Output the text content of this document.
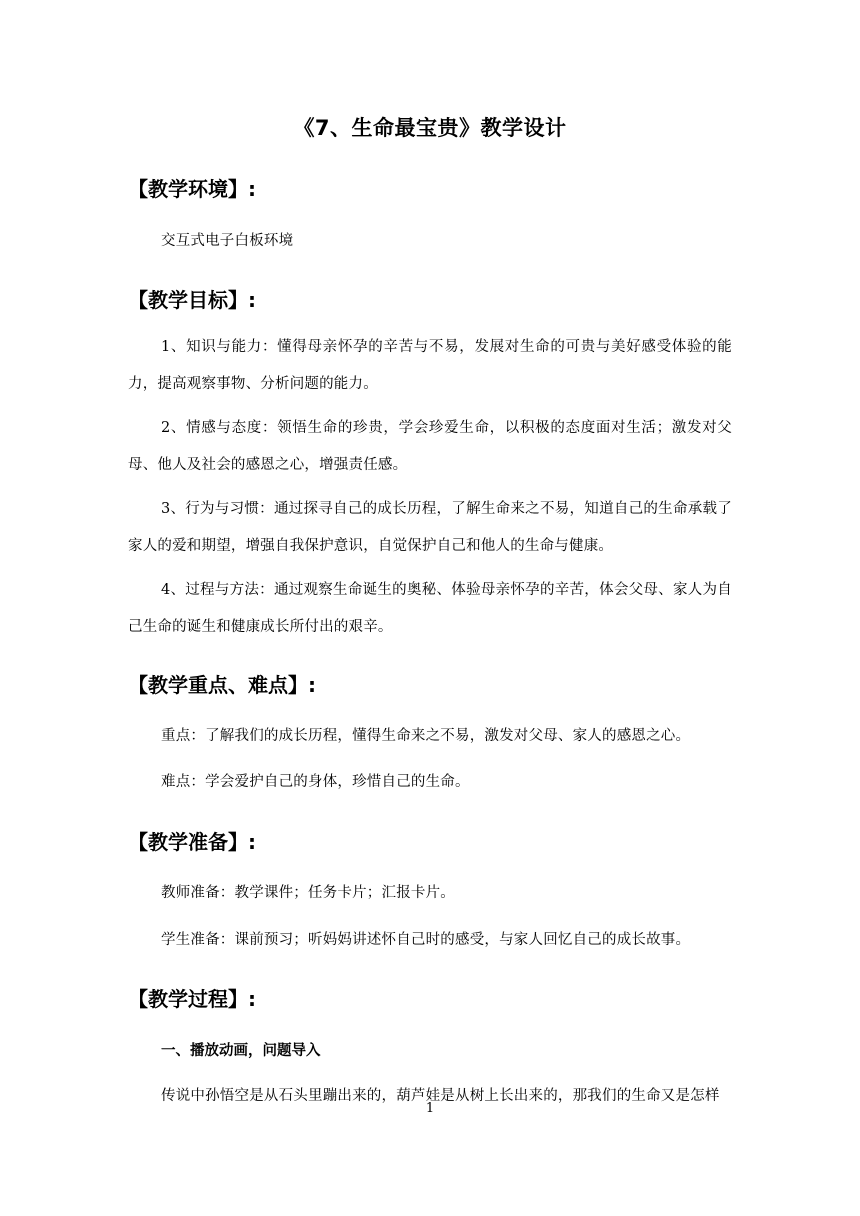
《7、生命最宝贵》教学设计
【教学环境】:
交互式电子白板环境
【教学目标】:
1、知识与能力：懂得母亲怀孕的辛苦与不易，发展对生命的可贵与美好感受体验的能力，提高观察事物、分析问题的能力。
2、情感与态度：领悟生命的珍贵，学会珍爱生命，以积极的态度面对生活；激发对父母、他人及社会的感恩之心，增强责任感。
3、行为与习惯：通过探寻自己的成长历程，了解生命来之不易，知道自己的生命承载了家人的爱和期望，增强自我保护意识，自觉保护自己和他人的生命与健康。
4、过程与方法：通过观察生命诞生的奥秘、体验母亲怀孕的辛苦，体会父母、家人为自己生命的诞生和健康成长所付出的艰辛。
【教学重点、难点】:
重点：了解我们的成长历程，懂得生命来之不易，激发对父母、家人的感恩之心。
难点：学会爱护自己的身体，珍惜自己的生命。
【教学准备】:
教师准备：教学课件；任务卡片；汇报卡片。
学生准备：课前预习；听妈妈讲述怀自己时的感受，与家人回忆自己的成长故事。
【教学过程】:
一、播放动画，问题导入
传说中孙悟空是从石头里蹦出来的，葫芦娃是从树上长出来的，那我们的生命又是怎样
1
